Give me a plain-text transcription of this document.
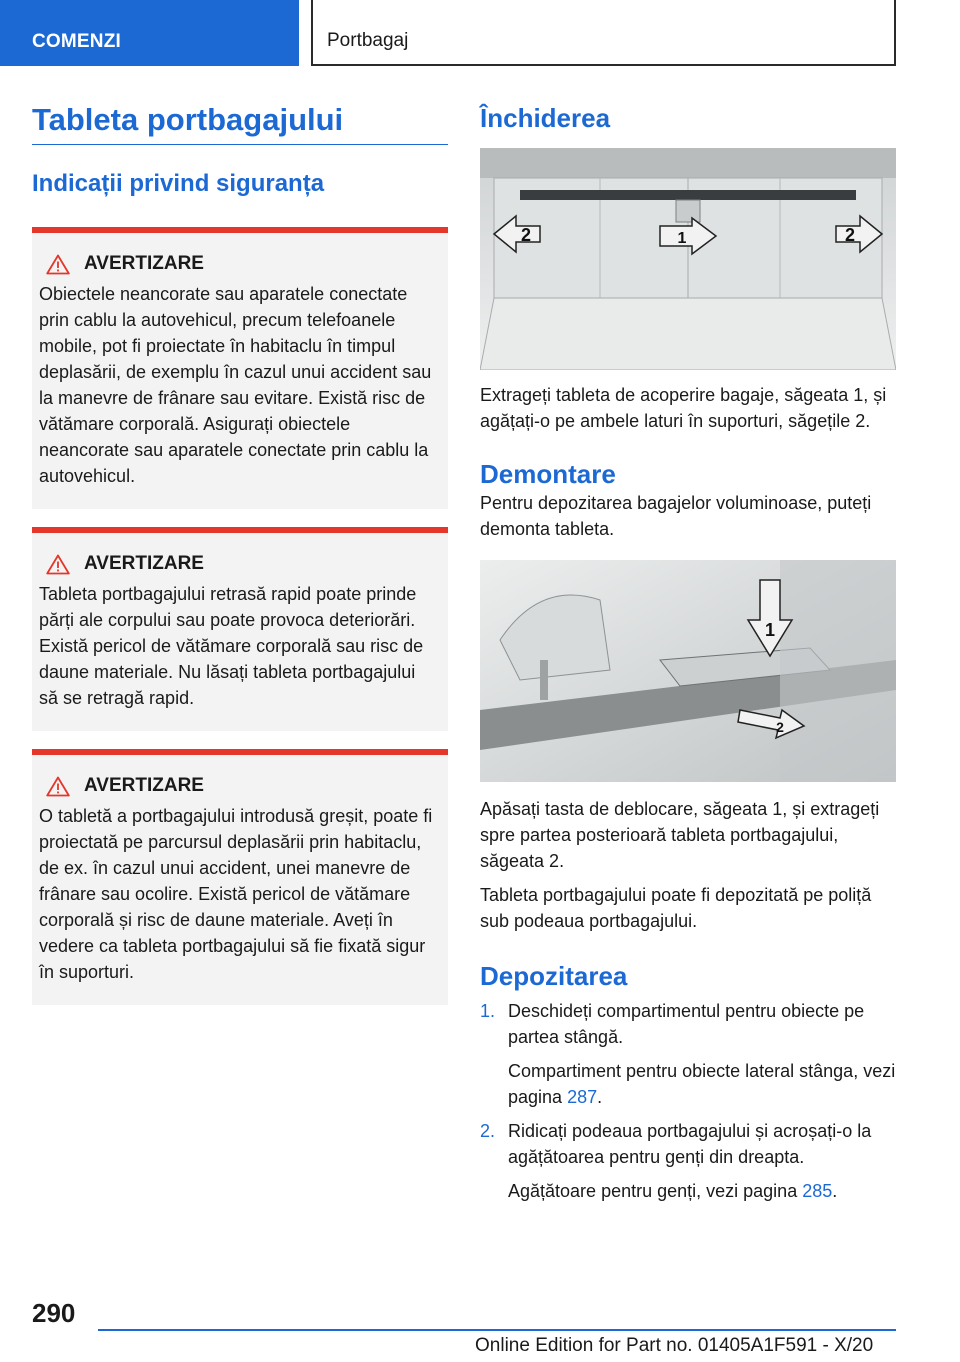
COMENZI	Portbagaj
Tableta portbagajului
Indicații privind siguranța
AVERTIZARE

Obiectele neancorate sau aparatele conectate prin cablu la autovehicul, precum telefoanele mobile, pot fi proiectate în habitaclu în timpul deplasării, de exemplu în cazul unui accident sau la manevre de frânare sau evitare. Există risc de vătămare corporală. Asigurați obiectele neancorate sau aparatele conectate prin cablu la autovehicul.

AVERTIZARE

Tableta portbagajului retrasă rapid poate prinde părți ale corpului sau poate provoca deteriorări. Există pericol de vătămare corporală sau risc de daune materiale. Nu lăsați tableta portbagajului să se retragă rapid.

AVERTIZARE

O tabletă a portbagajului introdusă greșit, poate fi proiectată pe parcursul deplasării prin habitaclu, de ex. în cazul unui accident, unei manevre de frânare sau ocolire. Există pericol de vătămare corporală și risc de daune materiale. Aveți în vedere ca tableta portbagajului să fie fixată sigur în suporturi.

Închiderea
2	1	2

Extrageți tableta de acoperire bagaje, săgeata 1, și agățați-o pe ambele laturi în suporturi, săgețile 2.

Demontare

Pentru depozitarea bagajelor voluminoase, puteți demonta tableta.

1
2

Apăsați tasta de deblocare, săgeata 1, și extrageți spre partea posterioară tableta portbagajului, săgeata 2.

Tableta portbagajului poate fi depozitată pe poliță sub podeaua portbagajului.

Depozitarea
1. Deschideți compartimentul pentru obiecte pe partea stângă.
Compartiment pentru obiecte lateral stânga, vezi pagina 287.
2. Ridicați podeaua portbagajului și acroșați-o la agățătoarea pentru genți din dreapta.
Agățătoare pentru genți, vezi pagina 285.
290
Online Edition for Part no. 01405A1F591 - X/20
